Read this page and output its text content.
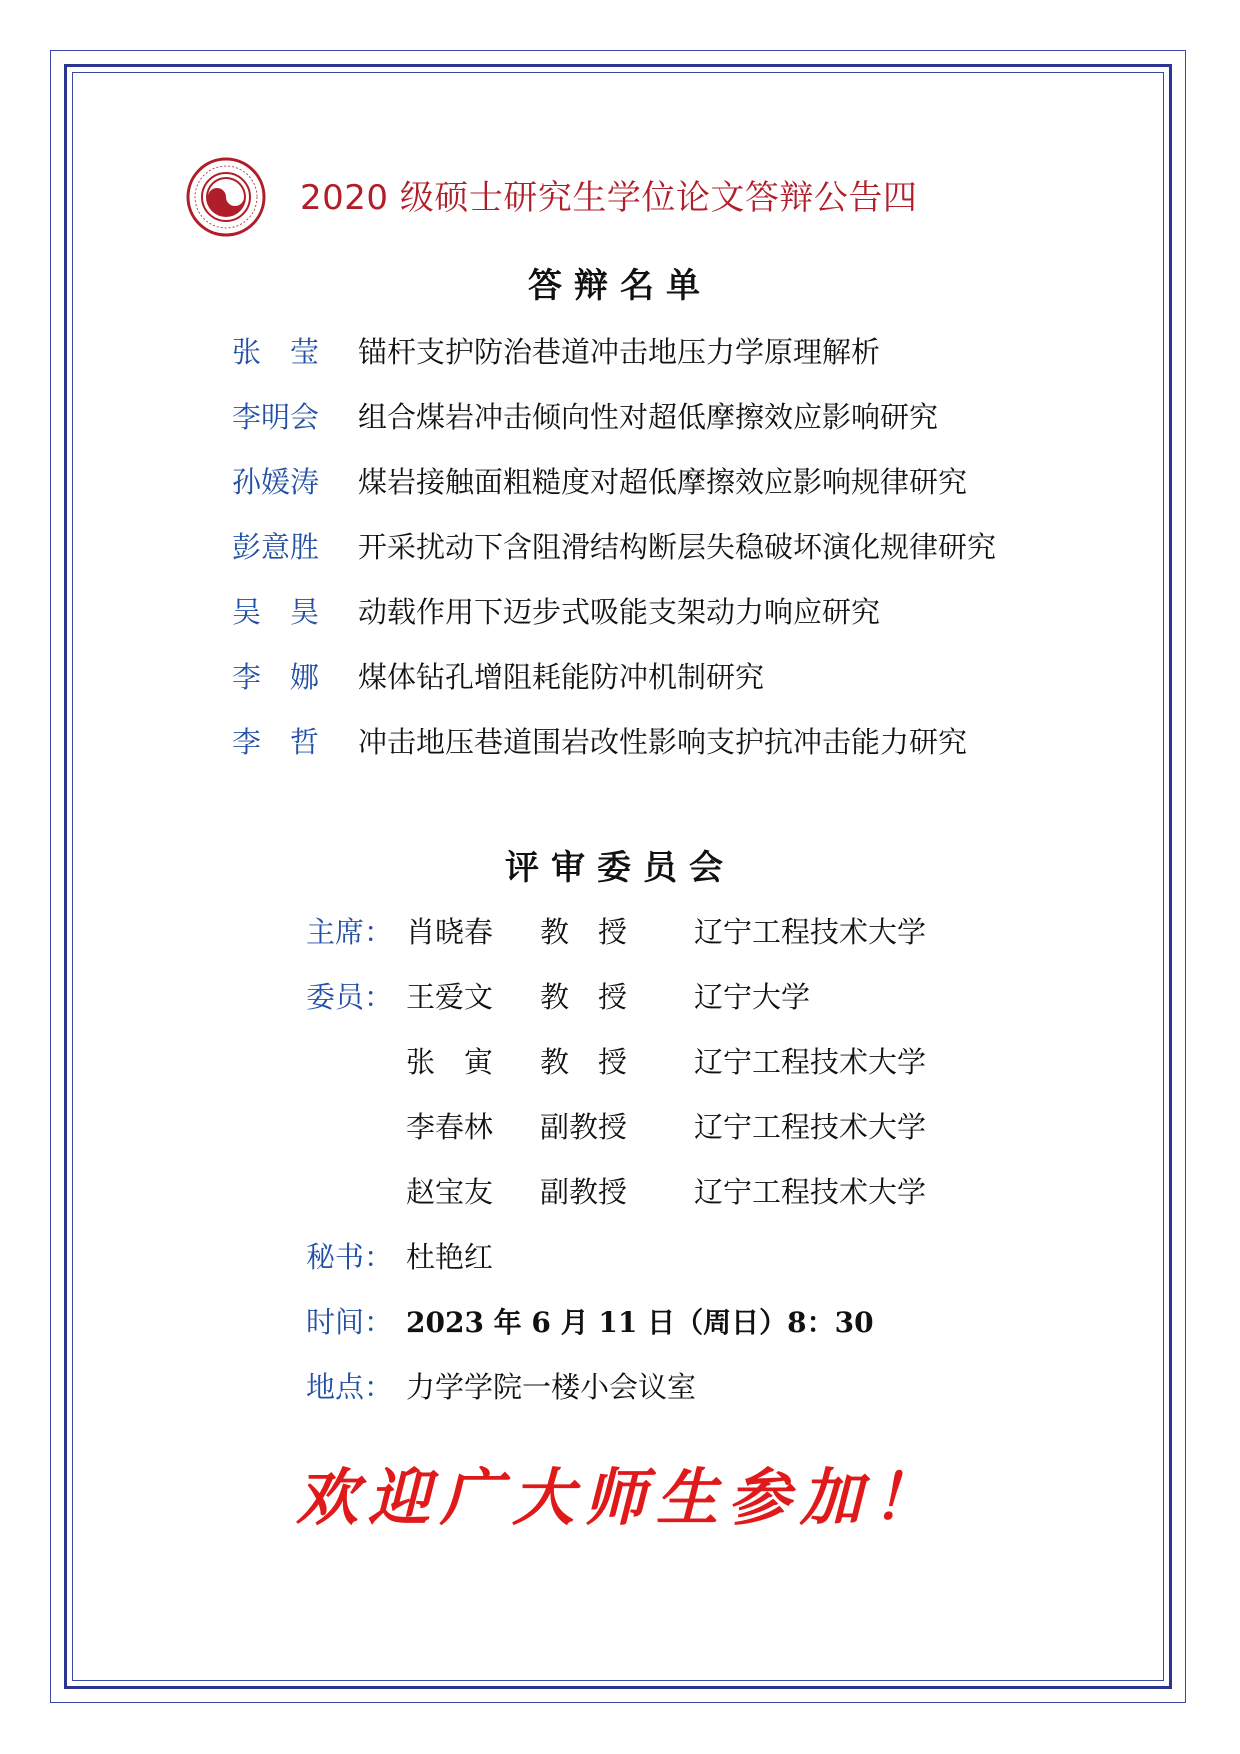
2020 级硕士研究生学位论文答辩公告四
答辩名单
张　莹	锚杆支护防治巷道冲击地压力学原理解析
李明会	组合煤岩冲击倾向性对超低摩擦效应影响研究
孙媛涛	煤岩接触面粗糙度对超低摩擦效应影响规律研究
彭意胜	开采扰动下含阻滑结构断层失稳破坏演化规律研究
吴　昊	动载作用下迈步式吸能支架动力响应研究
李　娜	煤体钻孔增阻耗能防冲机制研究
李　哲	冲击地压巷道围岩改性影响支护抗冲击能力研究
评审委员会
主席： 肖晓春	教　授	辽宁工程技术大学
委员： 王爱文	教　授	辽宁大学
张　寅	教　授	辽宁工程技术大学
李春林	副教授	辽宁工程技术大学
赵宝友	副教授	辽宁工程技术大学
秘书： 杜艳红
时间： 2023 年 6 月 11 日（周日）8：30
地点： 力学学院一楼小会议室
欢迎广大师生参加！
